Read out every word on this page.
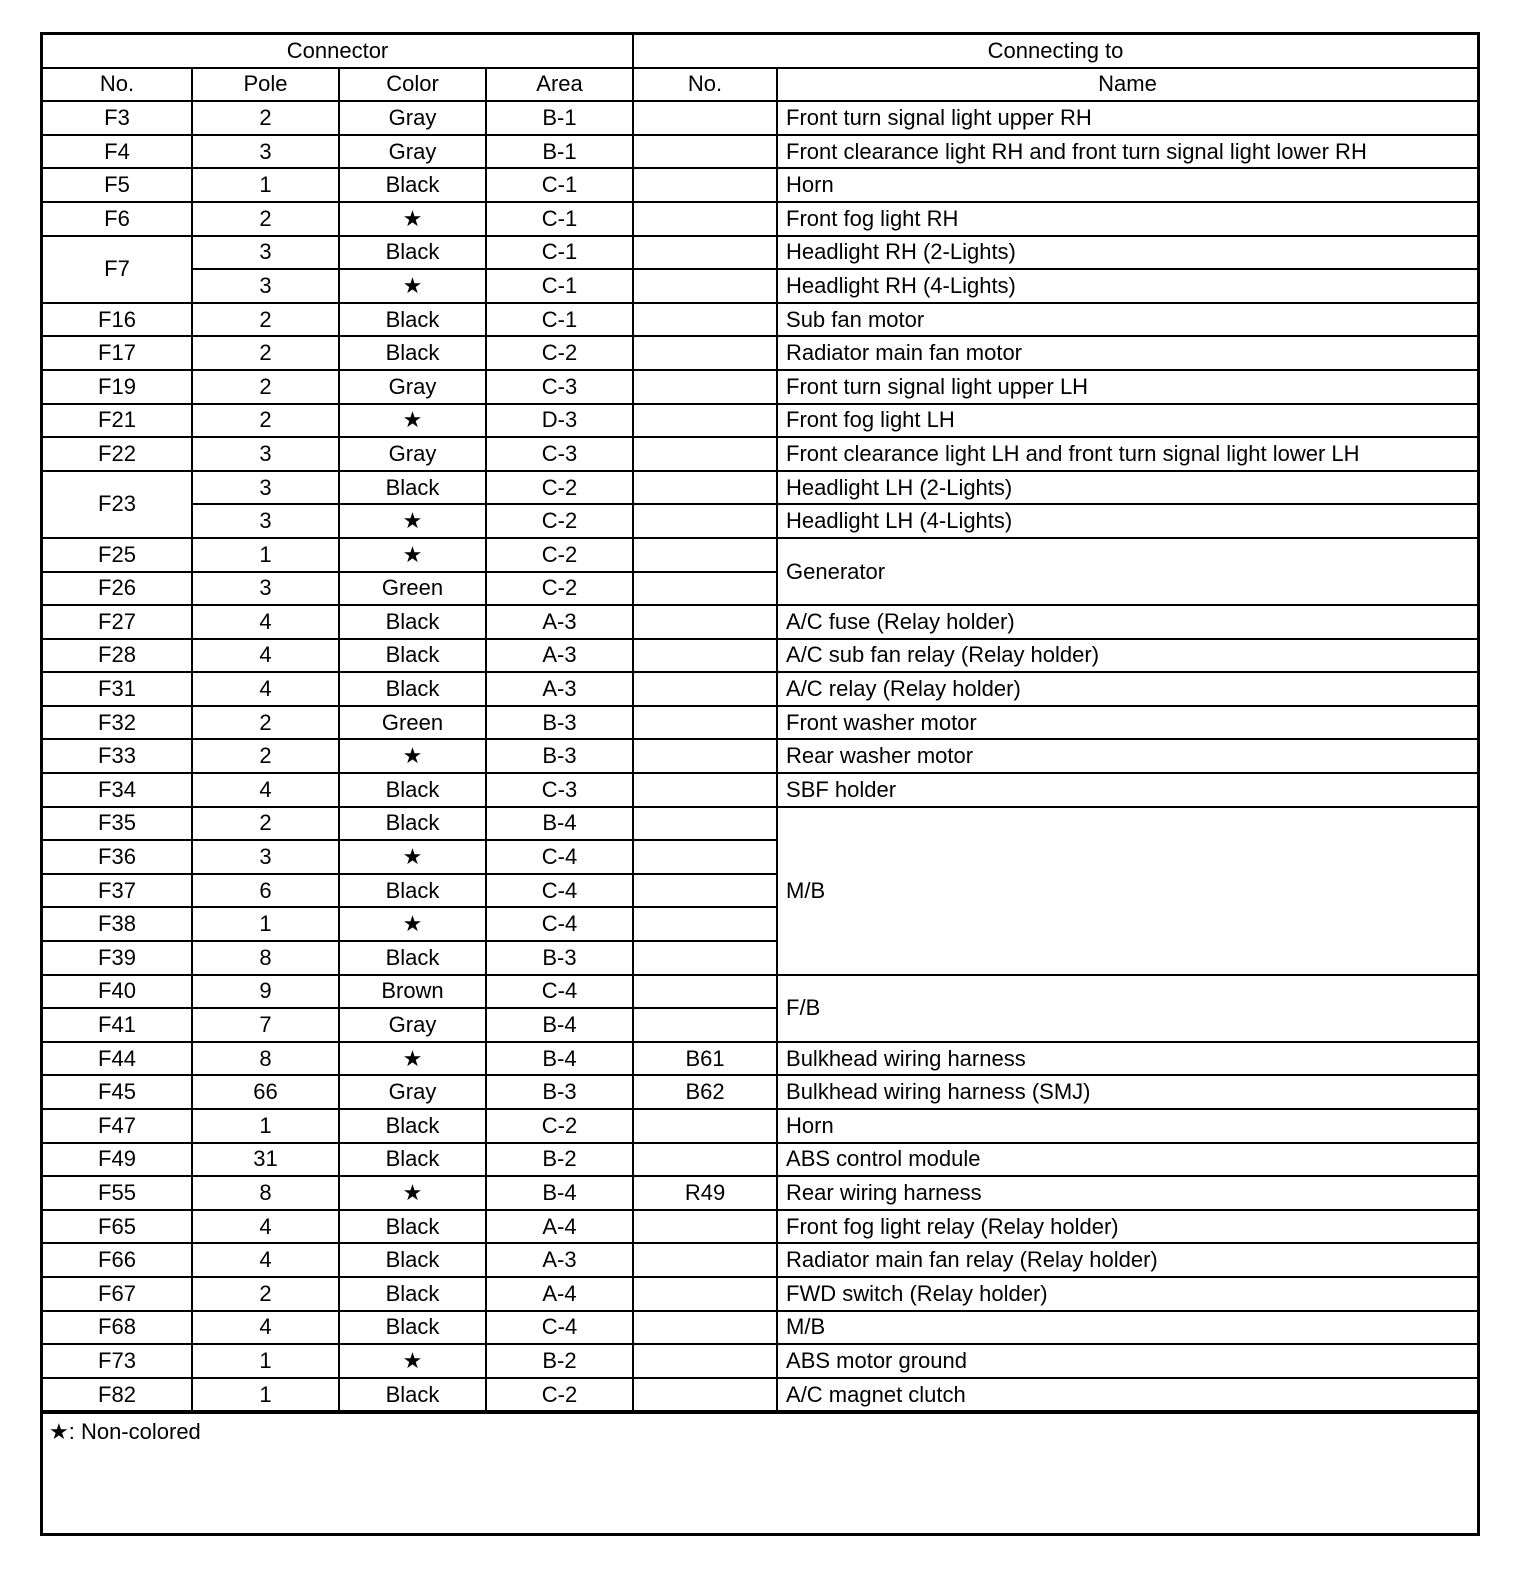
Connector				Connecting to	
No.	Pole	Color	Area	No.	Name
F3	2	Gray	B-1		Front turn signal light upper RH
F4	3	Gray	B-1		Front clearance light RH and front turn signal light lower RH
F5	1	Black	C-1		Horn
F6	2	★	C-1		Front fog light RH
F7	3	Black	C-1		Headlight RH (2-Lights)
	3	★	C-1		Headlight RH (4-Lights)
F16	2	Black	C-1		Sub fan motor
F17	2	Black	C-2		Radiator main fan motor
F19	2	Gray	C-3		Front turn signal light upper LH
F21	2	★	D-3		Front fog light LH
F22	3	Gray	C-3		Front clearance light LH and front turn signal light lower LH
F23	3	Black	C-2		Headlight LH (2-Lights)
	3	★	C-2		Headlight LH (4-Lights)
F25	1	★	C-2		Generator
F26	3	Green	C-2		
F27	4	Black	A-3		A/C fuse (Relay holder)
F28	4	Black	A-3		A/C sub fan relay (Relay holder)
F31	4	Black	A-3		A/C relay (Relay holder)
F32	2	Green	B-3		Front washer motor
F33	2	★	B-3		Rear washer motor
F34	4	Black	C-3		SBF holder
F35	2	Black	B-4		M/B
F36	3	★	C-4		
F37	6	Black	C-4		
F38	1	★	C-4		
F39	8	Black	B-3		
F40	9	Brown	C-4		F/B
F41	7	Gray	B-4		
F44	8	★	B-4	B61	Bulkhead wiring harness
F45	66	Gray	B-3	B62	Bulkhead wiring harness (SMJ)
F47	1	Black	C-2		Horn
F49	31	Black	B-2		ABS control module
F55	8	★	B-4	R49	Rear wiring harness
F65	4	Black	A-4		Front fog light relay (Relay holder)
F66	4	Black	A-3		Radiator main fan relay (Relay holder)
F67	2	Black	A-4		FWD switch (Relay holder)
F68	4	Black	C-4		M/B
F73	1	★	B-2		ABS motor ground
F82	1	Black	C-2		A/C magnet clutch
★: Non-colored
